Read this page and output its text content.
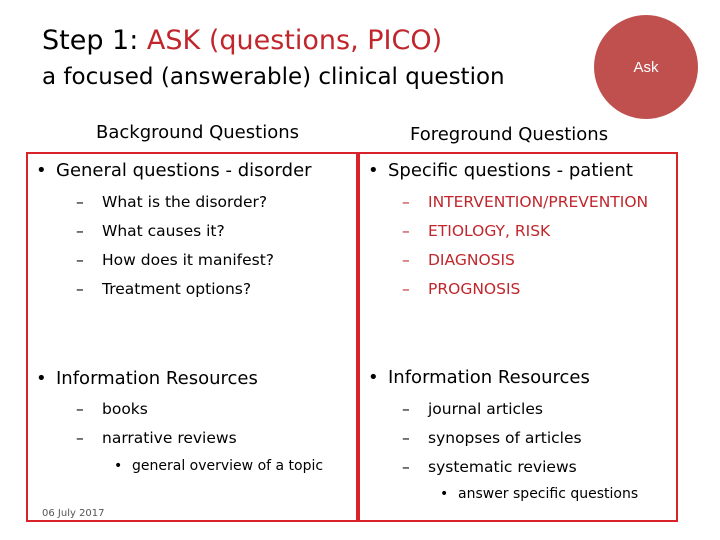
Step 1: ASK (questions, PICO)
a focused (answerable) clinical question	Ask
Background Questions	Foreground Questions
• General questions - disorder
– What is the disorder?
– What causes it?
– How does it manifest?
– Treatment options?
• Information Resources
– books
– narrative reviews
• general overview of a topic
06 July 2017
• Specific questions - patient
– INTERVENTION/PREVENTION
– ETIOLOGY, RISK
– DIAGNOSIS
– PROGNOSIS
• Information Resources
– journal articles
– synopses of articles
– systematic reviews
• answer specific questions
